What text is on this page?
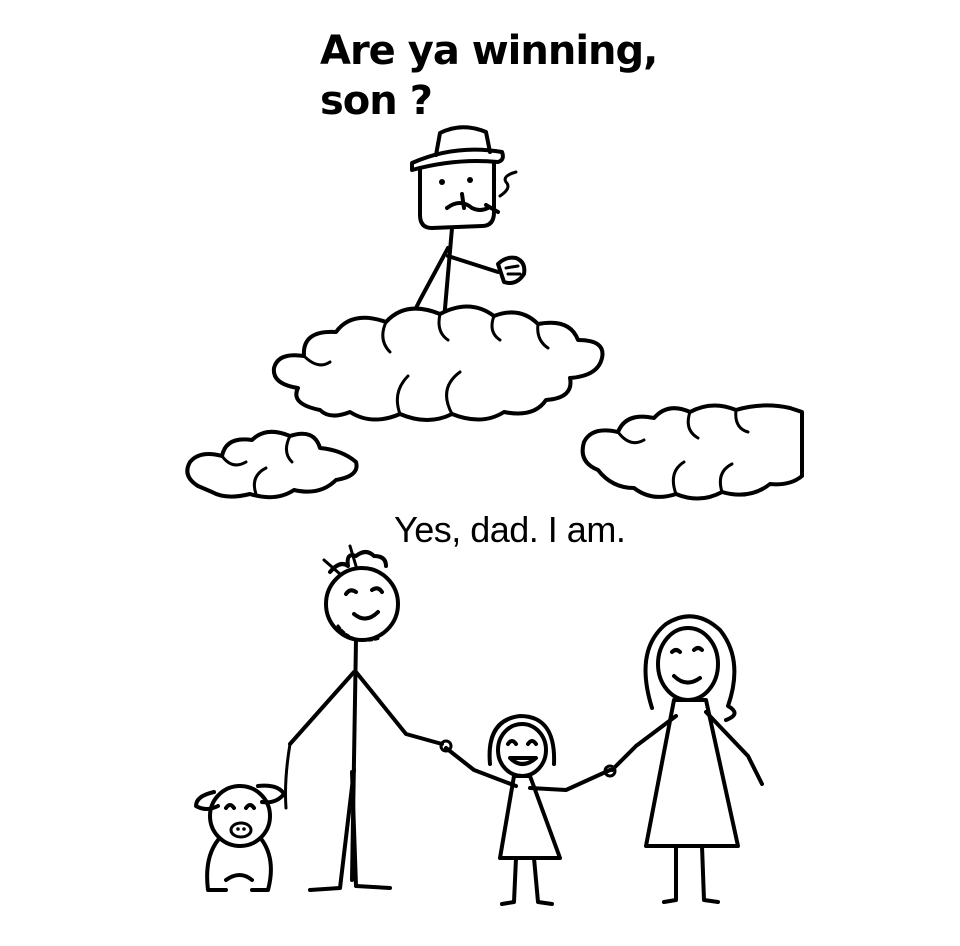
Are ya winning, son ?
Yes, dad. I am.
